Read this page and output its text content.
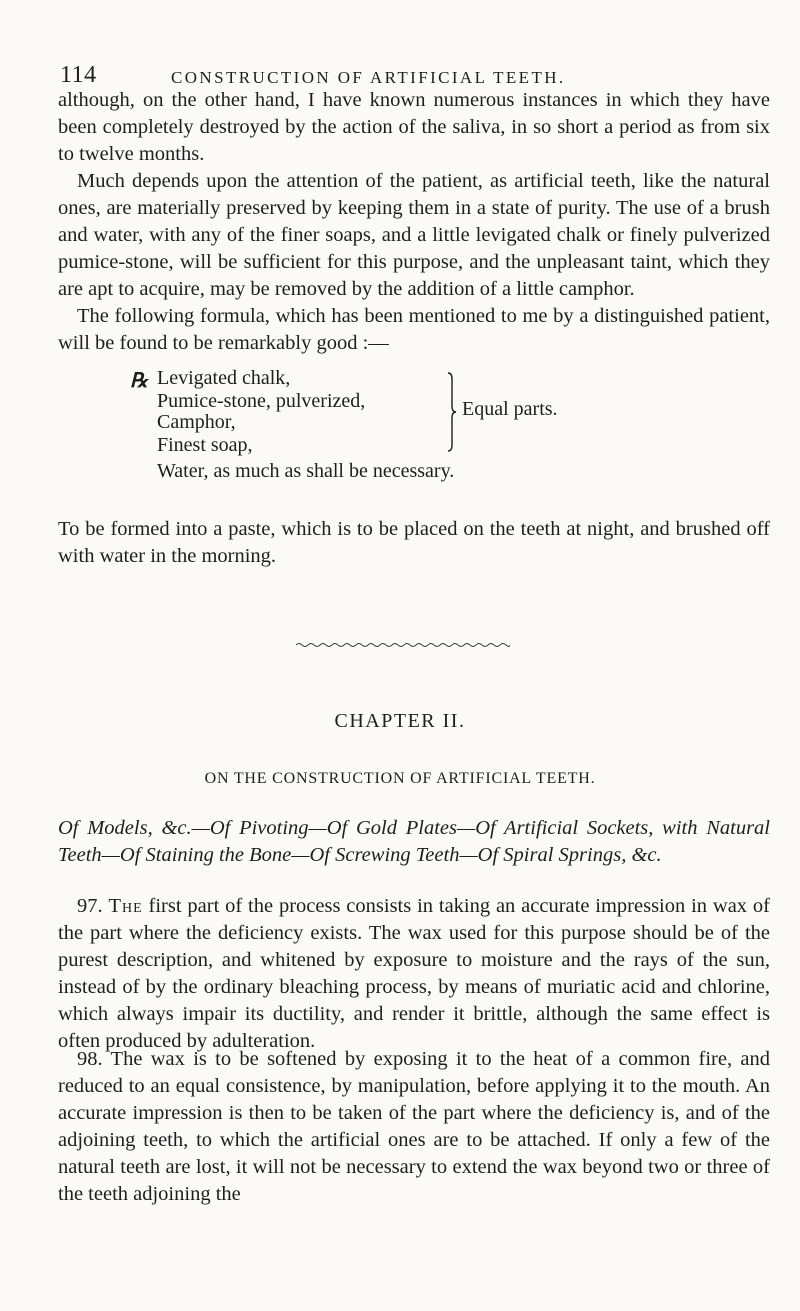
114	CONSTRUCTION OF ARTIFICIAL TEETH.

although, on the other hand, I have known numerous instances in which they have been completely destroyed by the action of the saliva, in so short a period as from six to twelve months.

Much depends upon the attention of the patient, as artificial teeth, like the natural ones, are materially preserved by keeping them in a state of purity. The use of a brush and water, with any of the finer soaps, and a little levigated chalk or finely pulverized pumice-stone, will be sufficient for this purpose, and the unpleasant taint, which they are apt to acquire, may be removed by the addition of a little camphor.

The following formula, which has been mentioned to me by a distinguished patient, will be found to be remarkably good :—

℞ Levigated chalk,
Pumice-stone, pulverized,
Camphor,
Finest soap,
Equal parts.
Water, as much as shall be necessary.

To be formed into a paste, which is to be placed on the teeth at night, and brushed off with water in the morning.

CHAPTER II.
ON THE CONSTRUCTION OF ARTIFICIAL TEETH.

Of Models, &c.—Of Pivoting—Of Gold Plates—Of Artificial Sockets, with Natural Teeth—Of Staining the Bone—Of Screwing Teeth—Of Spiral Springs, &c.

97. The first part of the process consists in taking an accurate impression in wax of the part where the deficiency exists. The wax used for this purpose should be of the purest description, and whitened by exposure to moisture and the rays of the sun, instead of by the ordinary bleaching process, by means of muriatic acid and chlorine, which always impair its ductility, and render it brittle, although the same effect is often produced by adulteration.

98. The wax is to be softened by exposing it to the heat of a common fire, and reduced to an equal consistence, by manipulation, before applying it to the mouth. An accurate impression is then to be taken of the part where the deficiency is, and of the adjoining teeth, to which the artificial ones are to be attached. If only a few of the natural teeth are lost, it will not be necessary to extend the wax beyond two or three of the teeth adjoining the
